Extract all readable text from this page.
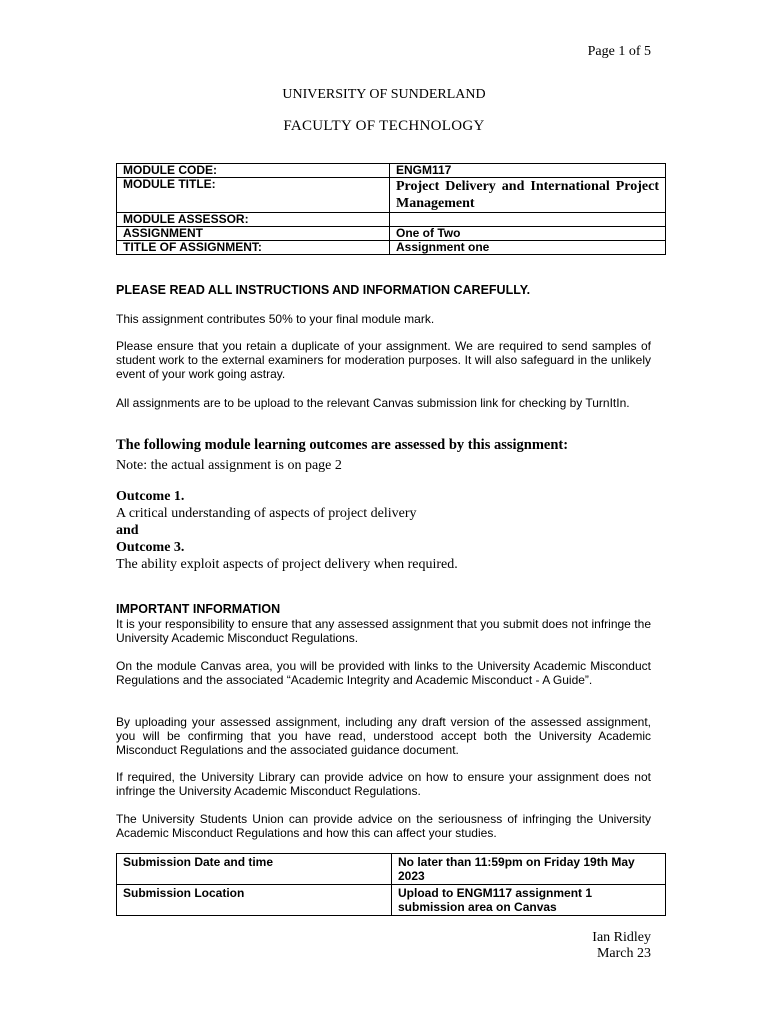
Page 1 of 5
UNIVERSITY OF SUNDERLAND
FACULTY OF TECHNOLOGY
MODULE CODE:	ENGM117
MODULE TITLE:	Project Delivery and International Project Management
MODULE ASSESSOR:	
ASSIGNMENT	One of Two
TITLE OF ASSIGNMENT:	Assignment one
PLEASE READ ALL INSTRUCTIONS AND INFORMATION CAREFULLY.
This assignment contributes 50% to your final module mark.
Please ensure that you retain a duplicate of your assignment. We are required to send samples of student work to the external examiners for moderation purposes. It will also safeguard in the unlikely event of your work going astray.
All assignments are to be upload to the relevant Canvas submission link for checking by TurnItIn.
The following module learning outcomes are assessed by this assignment:
Note: the actual assignment is on page 2
Outcome 1.
A critical understanding of aspects of project delivery
and
Outcome 3.
The ability exploit aspects of project delivery when required.
IMPORTANT INFORMATION
It is your responsibility to ensure that any assessed assignment that you submit does not infringe the University Academic Misconduct Regulations.
On the module Canvas area, you will be provided with links to the University Academic Misconduct Regulations and the associated “Academic Integrity and Academic Misconduct - A Guide”.
By uploading your assessed assignment, including any draft version of the assessed assignment, you will be confirming that you have read, understood accept both the University Academic Misconduct Regulations and the associated guidance document.
If required, the University Library can provide advice on how to ensure your assignment does not infringe the University Academic Misconduct Regulations.
The University Students Union can provide advice on the seriousness of infringing the University Academic Misconduct Regulations and how this can affect your studies.
Submission Date and time	No later than 11:59pm on Friday 19th May 2023
Submission Location	Upload to ENGM117 assignment 1 submission area on Canvas
Ian Ridley
March 23
